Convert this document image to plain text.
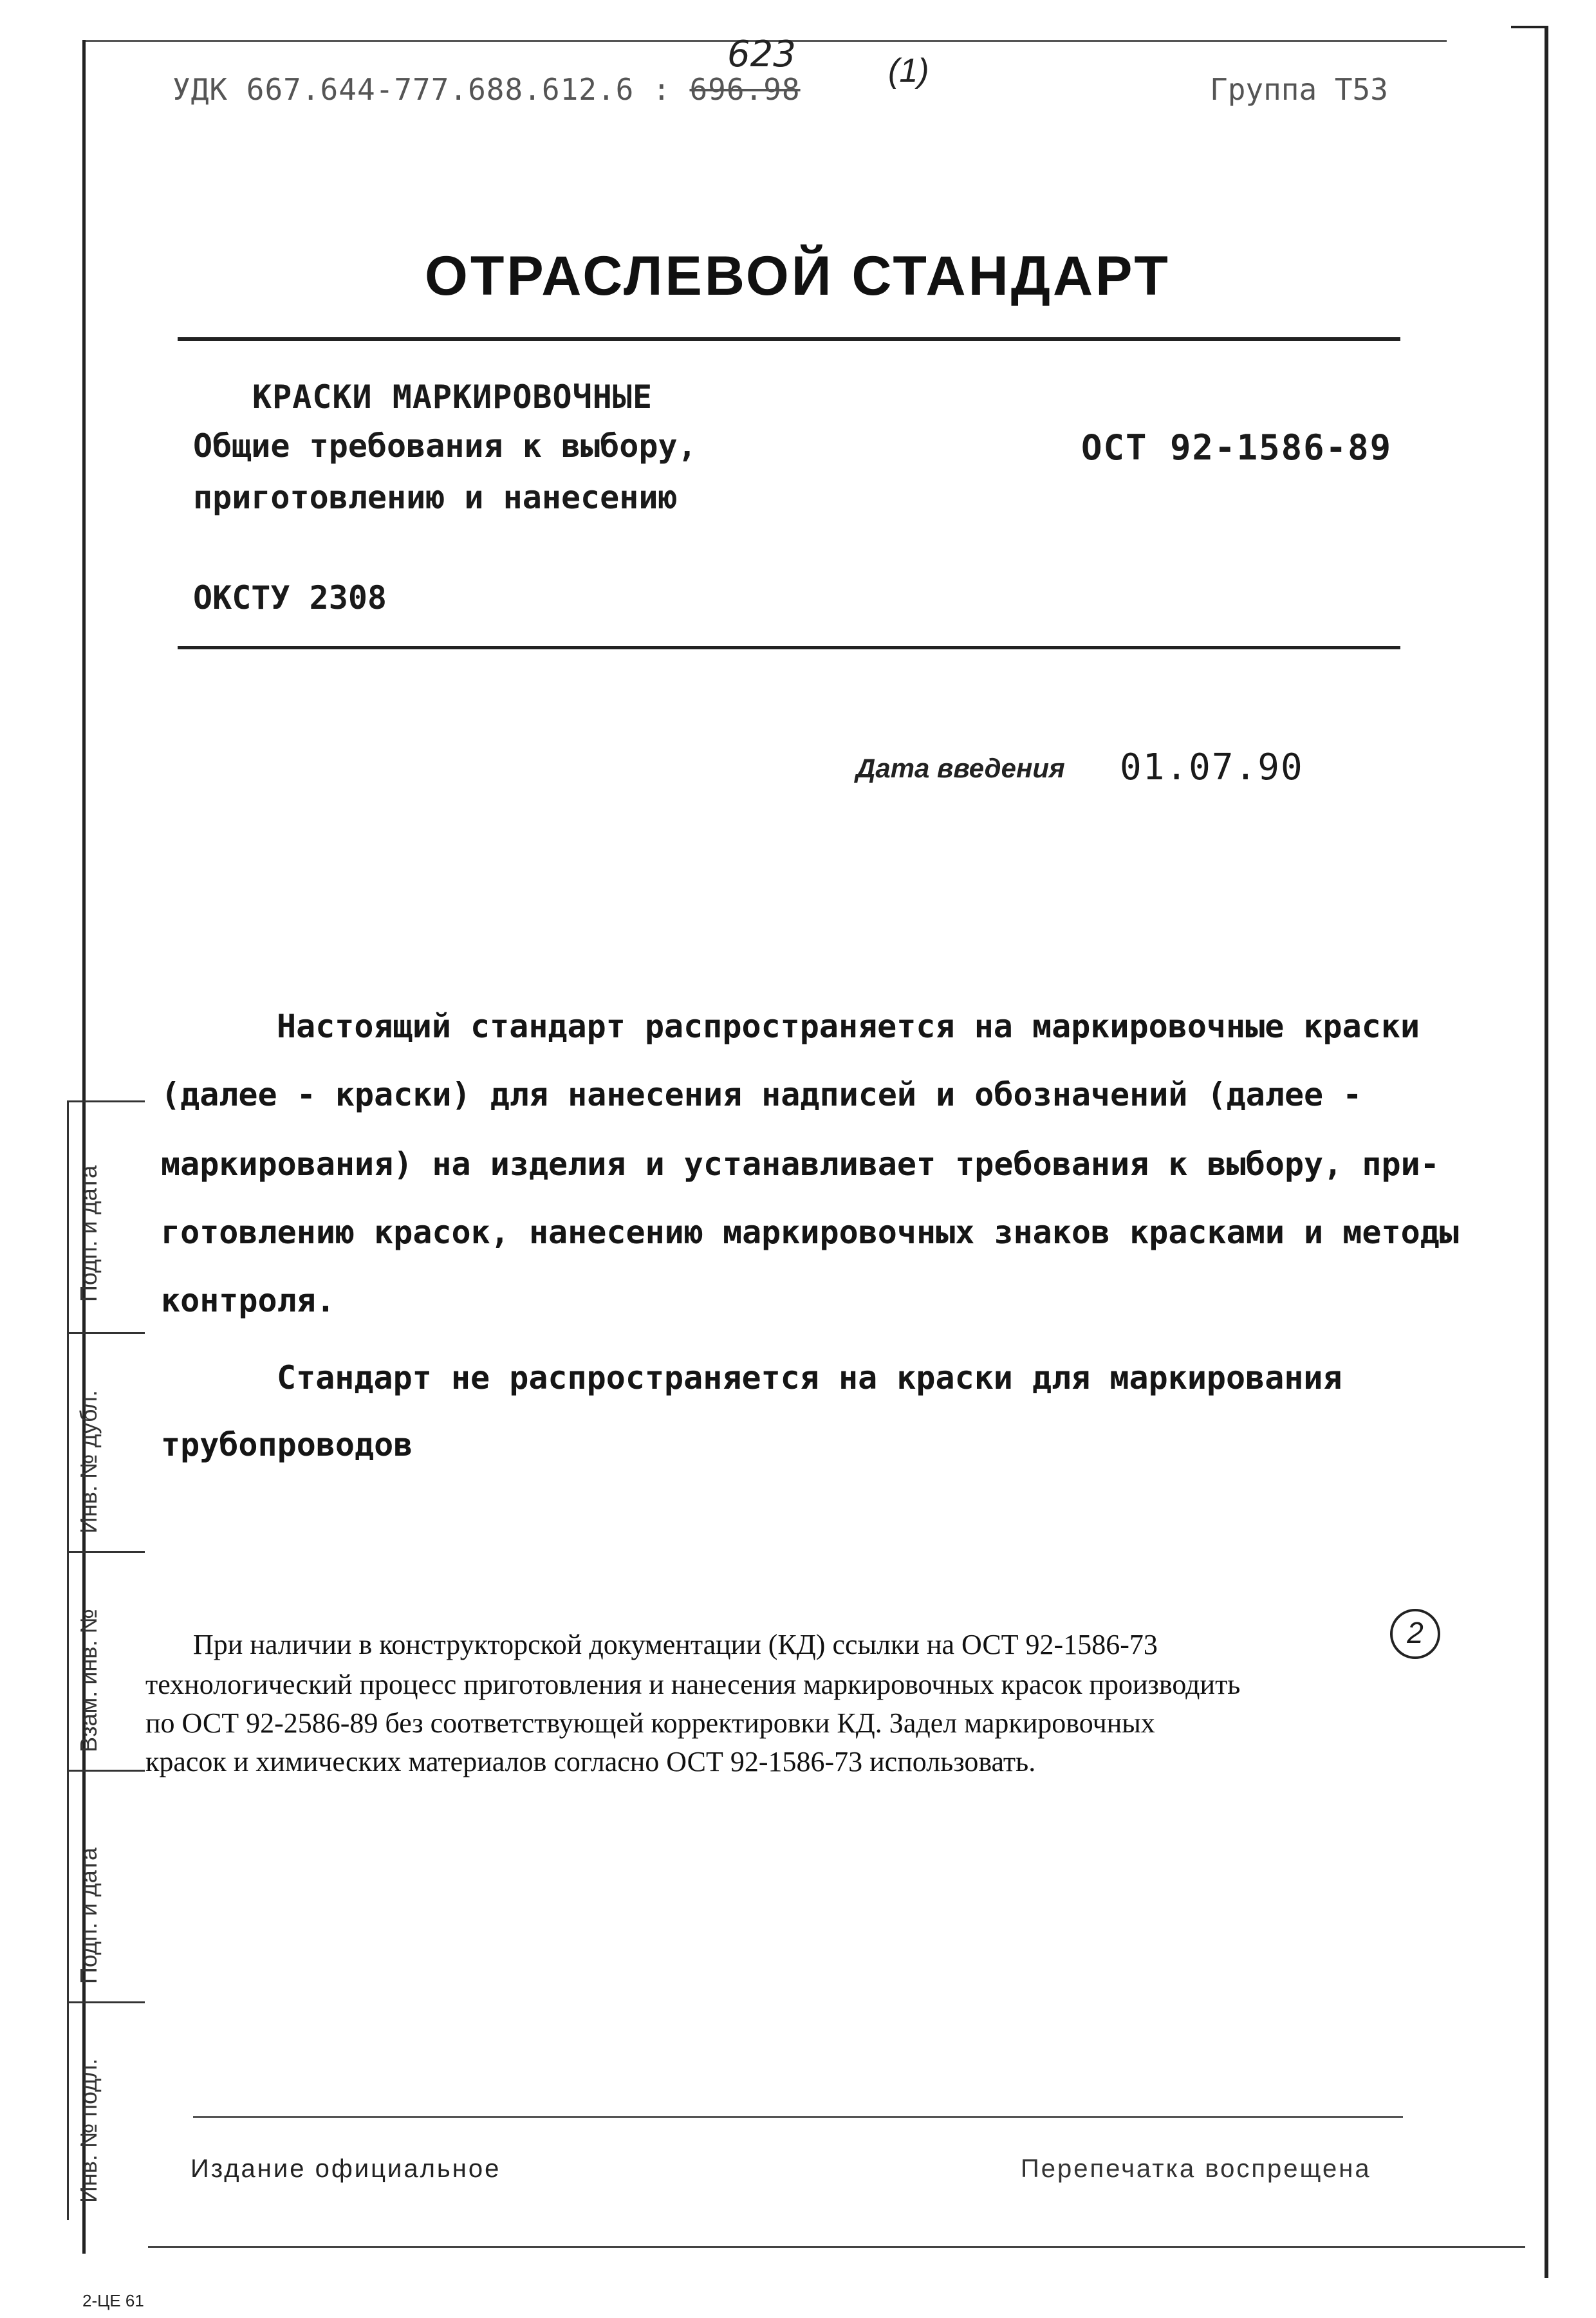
УДК 667.644-777.688.612.6 : 696.98
623	(1)	Группа Т53
ОТРАСЛЕВОЙ СТАНДАРТ
КРАСКИ МАРКИРОВОЧНЫЕ
Общие требования к выбору,
приготовлению и нанесению
ОСТ 92-1586-89
ОКСТУ 2308
Дата введения 01.07.90
Настоящий стандарт распространяется на маркировочные краски
(далее - краски) для нанесения надписей и обозначений (далее -
маркирования) на изделия и устанавливает требования к выбору, при-
готовлению красок, нанесению маркировочных знаков красками и методы
контроля.
Стандарт не распространяется на краски для маркирования
трубопроводов
При наличии в конструкторской документации (КД) ссылки на ОСТ 92-1586-73
технологический процесс приготовления и нанесения маркировочных красок производить
по ОСТ 92-2586-89 без соответствующей корректировки КД. Задел маркировочных
красок и химических материалов согласно ОСТ 92-1586-73 использовать.
2
Подп. и дата
Инв. № дубл.
Взам. инв. №
Подп. и дата
Инв. № подл.	Издание официальное	Перепечатка воспрещена
2-ЦЕ 61
